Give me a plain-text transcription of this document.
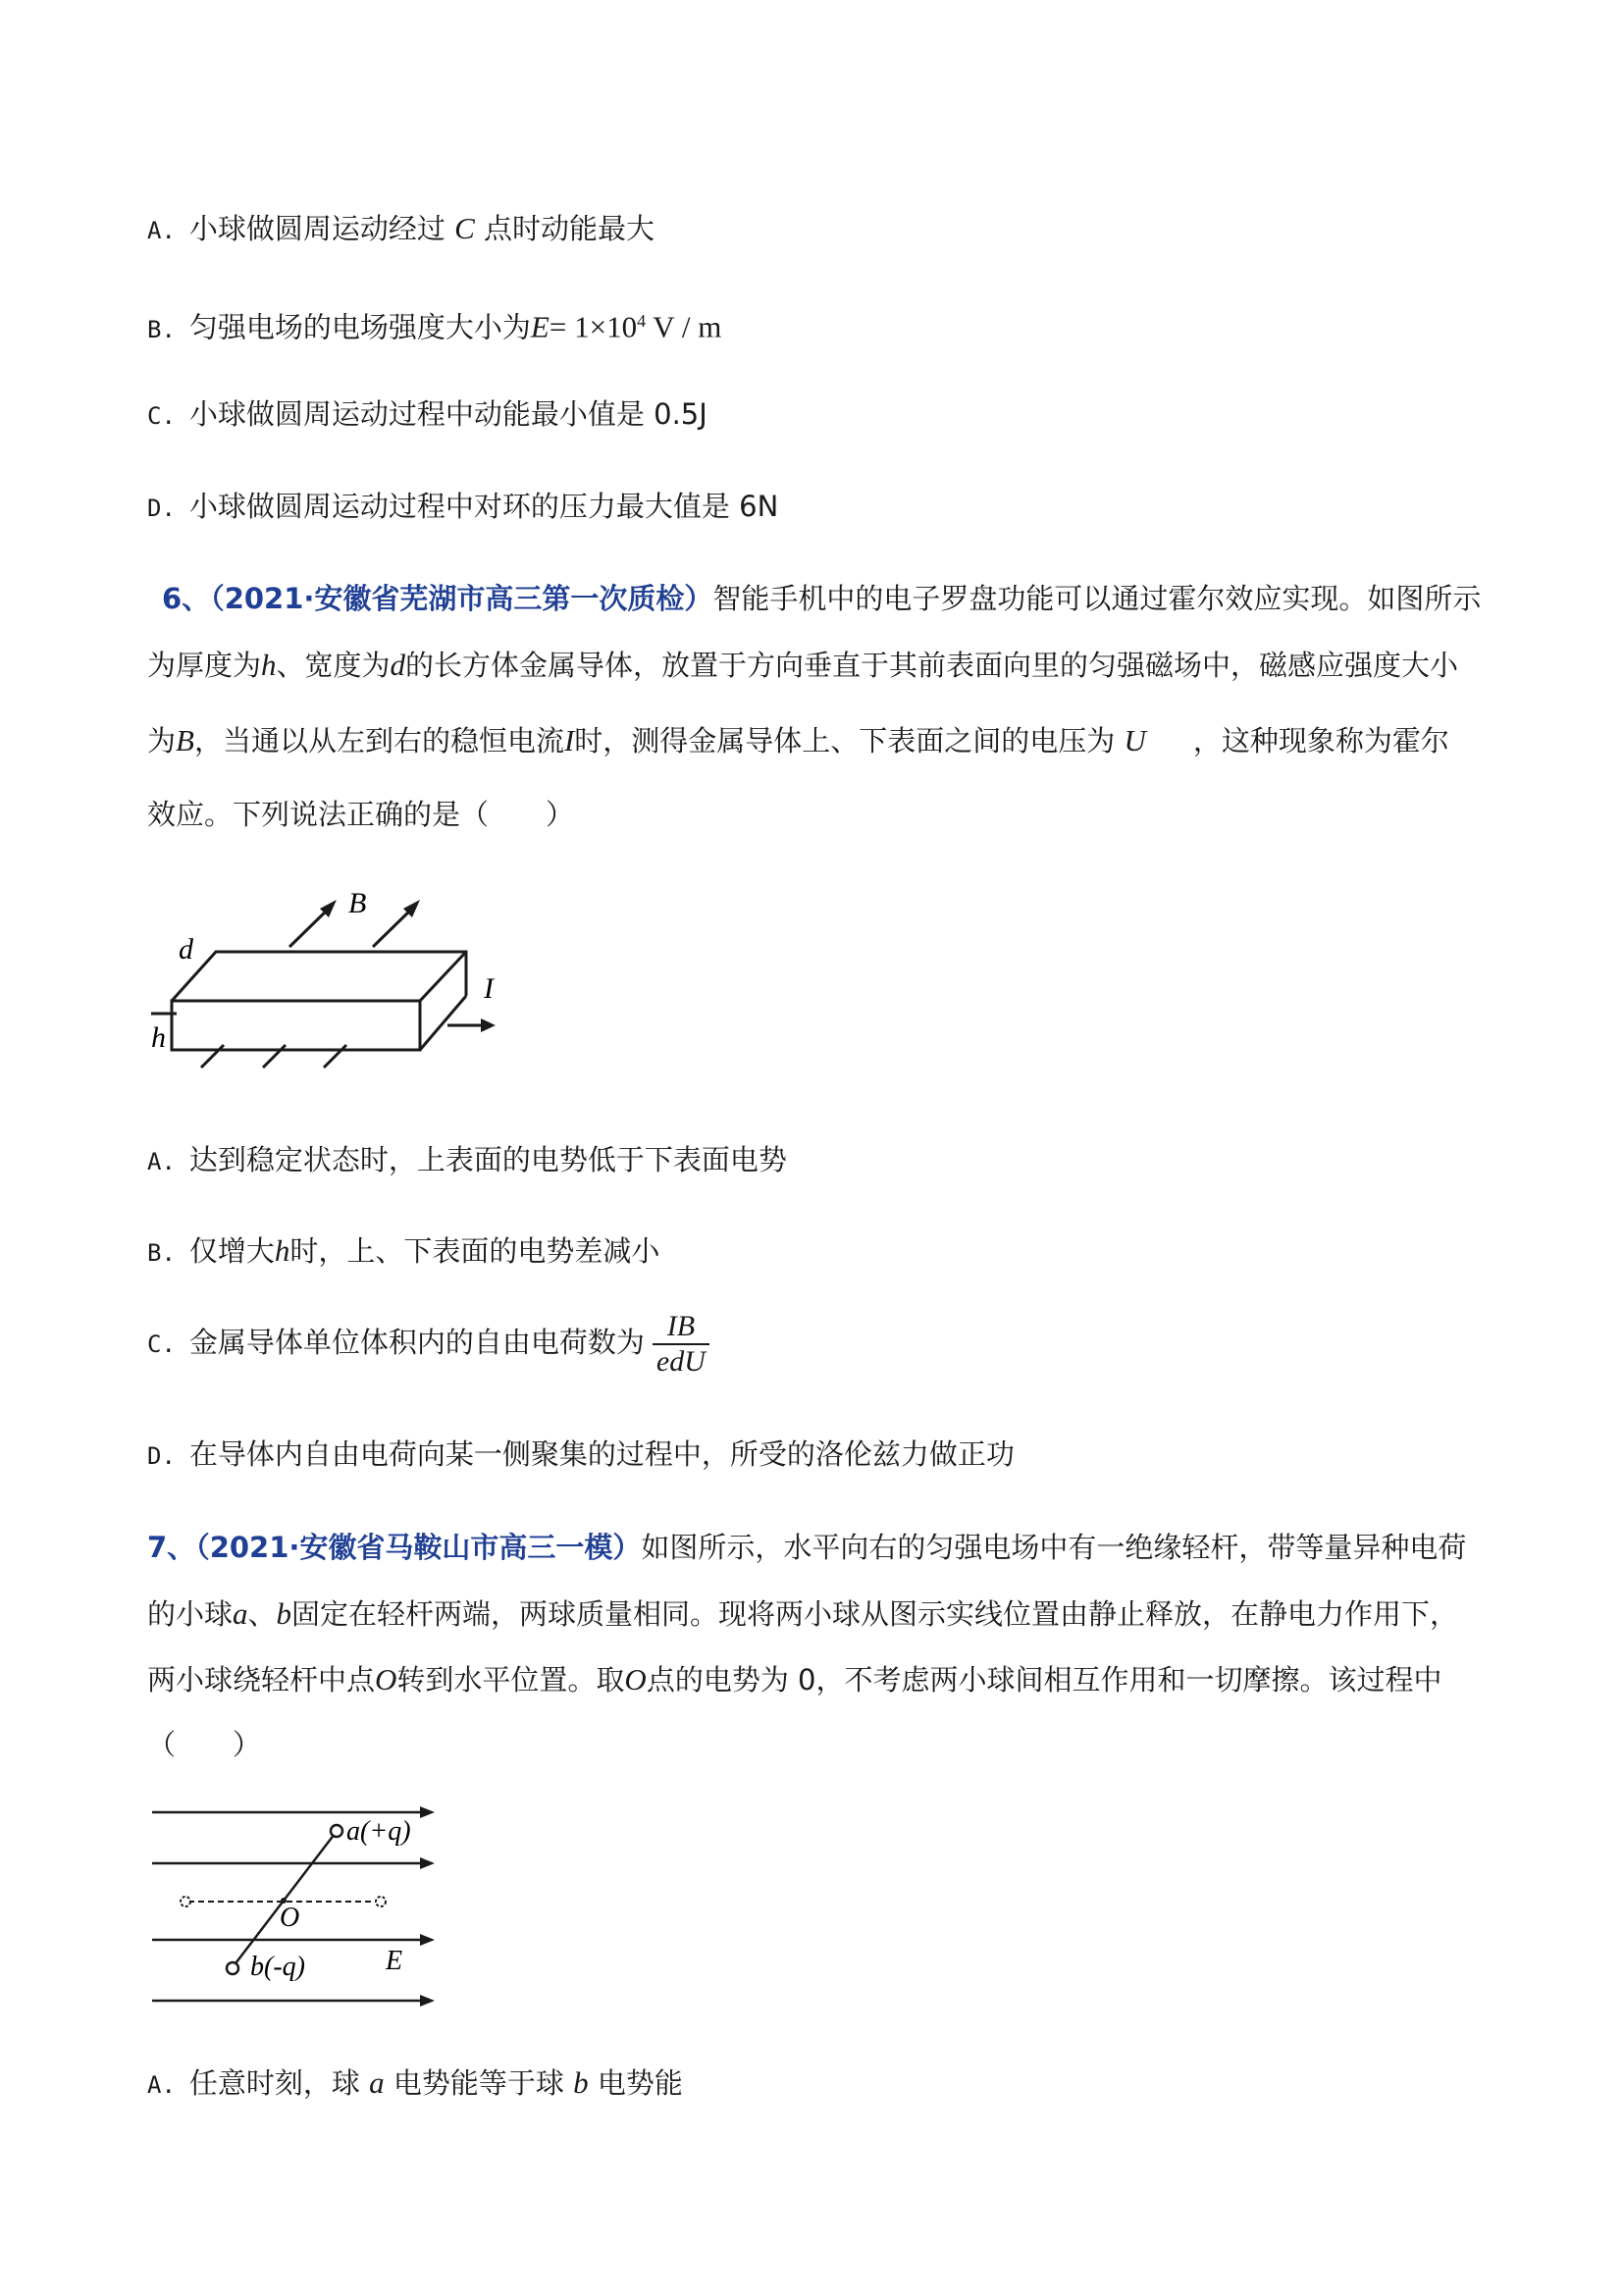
A. 小球做圆周运动经过 C 点时动能最大
B. 匀强电场的电场强度大小为$E= 1\times 10^4$ V / m
C. 小球做圆周运动过程中动能最小值是 0.5J
D. 小球做圆周运动过程中对环的压力最大值是 6N
6、（2021·安徽省芜湖市高三第一次质检）智能手机中的电子罗盘功能可以通过霍尔效应实现。如图所示
为厚度为h、宽度为d的长方体金属导体，放置于方向垂直于其前表面向里的匀强磁场中，磁感应强度大小
为B，当通以从左到右的稳恒电流I时，测得金属导体上、下表面之间的电压为 U ，这种现象称为霍尔
效应。下列说法正确的是（　　）
B
d
h
I
A. 达到稳定状态时，上表面的电势低于下表面电势
B. 仅增大h时，上、下表面的电势差减小
C. 金属导体单位体积内的自由电荷数为 $\frac{IB}{\text{edU}}$
D. 在导体内自由电荷向某一侧聚集的过程中，所受的洛伦兹力做正功
7、（2021·安徽省马鞍山市高三一模）如图所示，水平向右的匀强电场中有一绝缘轻杆，带等量异种电荷
的小球a、b固定在轻杆两端，两球质量相同。现将两小球从图示实线位置由静止释放，在静电力作用下，
两小球绕轻杆中点O转到水平位置。取O点的电势为 0，不考虑两小球间相互作用和一切摩擦。该过程中
（　　）
a(+q)
b(-q)
O
E
A. 任意时刻，球 a 电势能等于球 b 电势能
